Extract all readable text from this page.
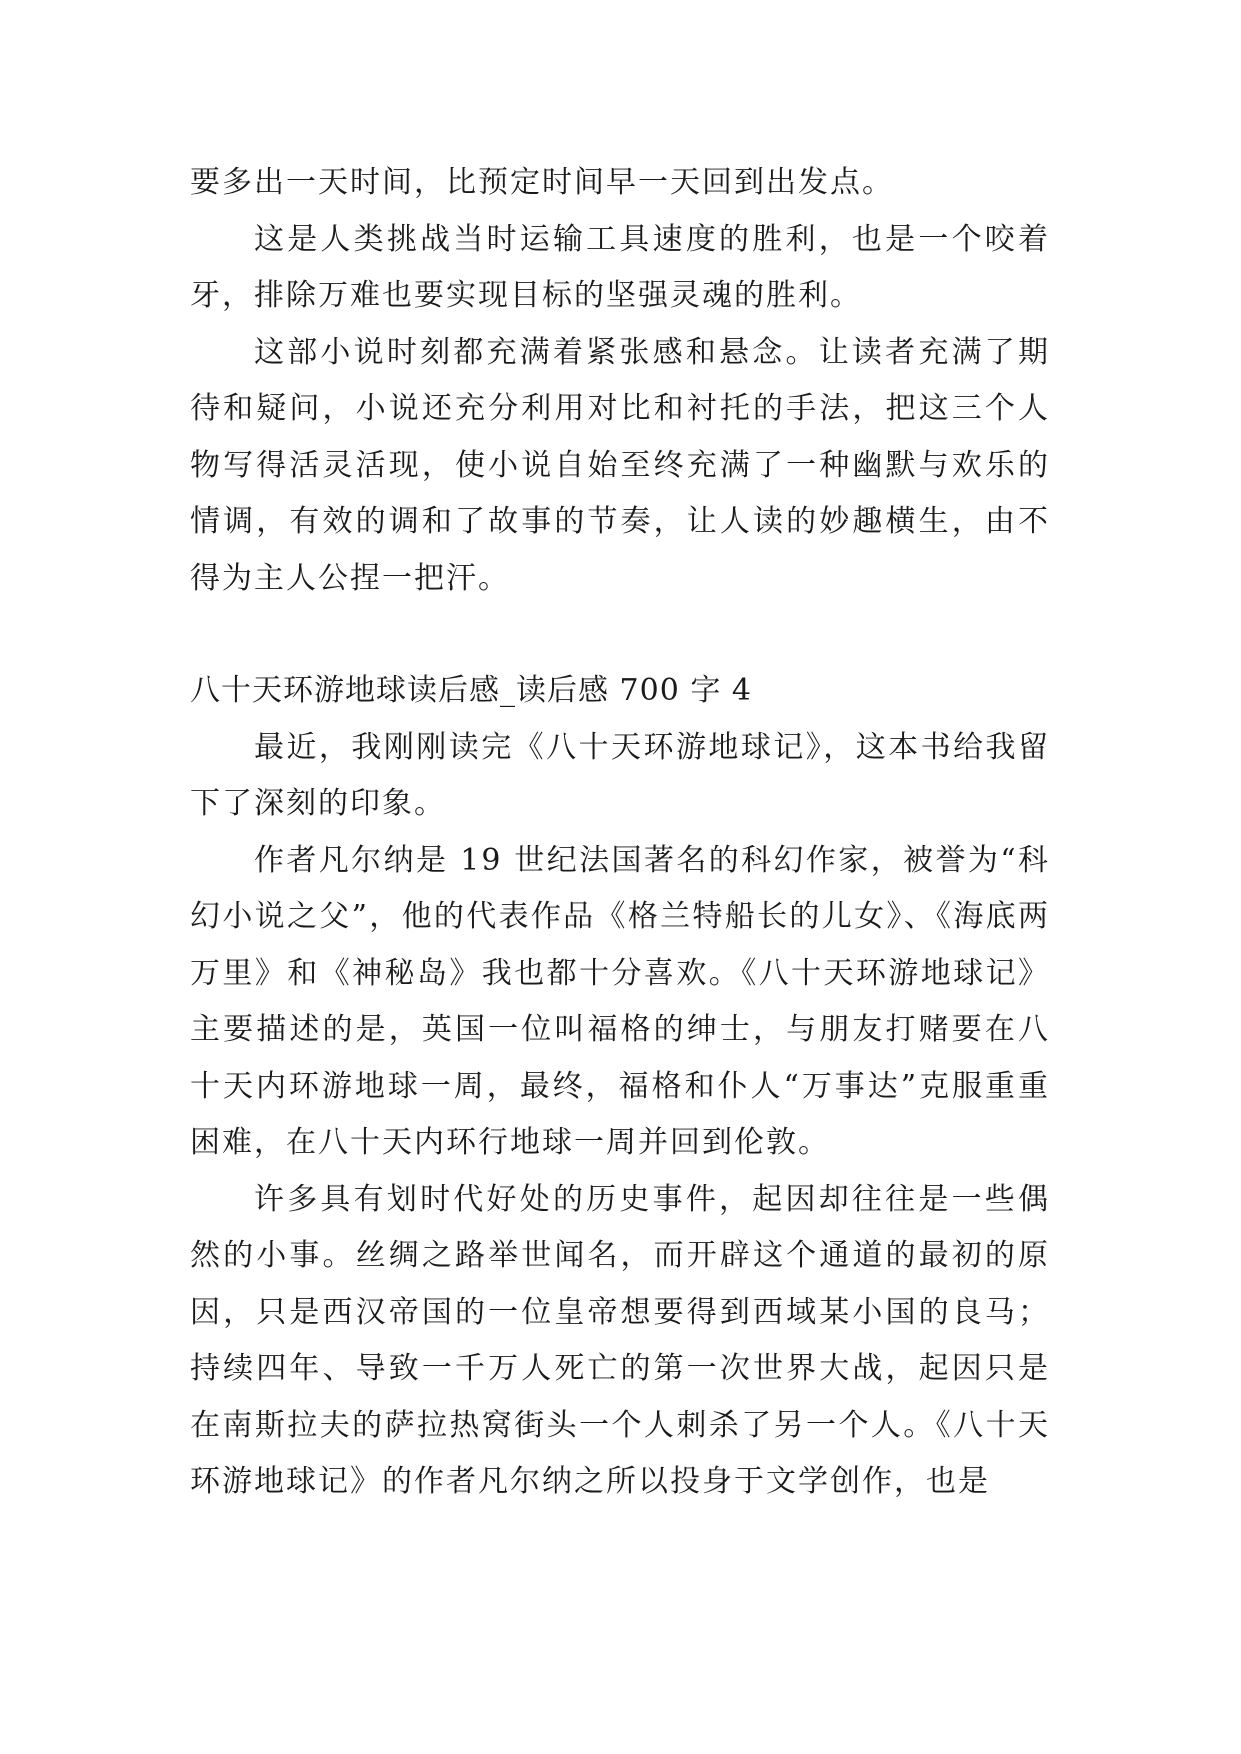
要多出一天时间，比预定时间早一天回到出发点。

这是人类挑战当时运输工具速度的胜利，也是一个咬着牙，排除万难也要实现目标的坚强灵魂的胜利。

这部小说时刻都充满着紧张感和悬念。让读者充满了期待和疑问，小说还充分利用对比和衬托的手法，把这三个人物写得活灵活现，使小说自始至终充满了一种幽默与欢乐的情调，有效的调和了故事的节奏，让人读的妙趣横生，由不得为主人公捏一把汗。

八十天环游地球读后感_读后感 700 字 4

最近，我刚刚读完《八十天环游地球记》，这本书给我留下了深刻的印象。

作者凡尔纳是 19 世纪法国著名的科幻作家，被誉为“科幻小说之父”，他的代表作品《格兰特船长的儿女》、《海底两万里》和《神秘岛》我也都十分喜欢。《八十天环游地球记》主要描述的是，英国一位叫福格的绅士，与朋友打赌要在八十天内环游地球一周，最终，福格和仆人“万事达”克服重重困难，在八十天内环行地球一周并回到伦敦。

许多具有划时代好处的历史事件，起因却往往是一些偶然的小事。丝绸之路举世闻名，而开辟这个通道的最初的原因，只是西汉帝国的一位皇帝想要得到西域某小国的良马；持续四年、导致一千万人死亡的第一次世界大战，起因只是在南斯拉夫的萨拉热窝街头一个人刺杀了另一个人。《八十天环游地球记》的作者凡尔纳之所以投身于文学创作，也是
